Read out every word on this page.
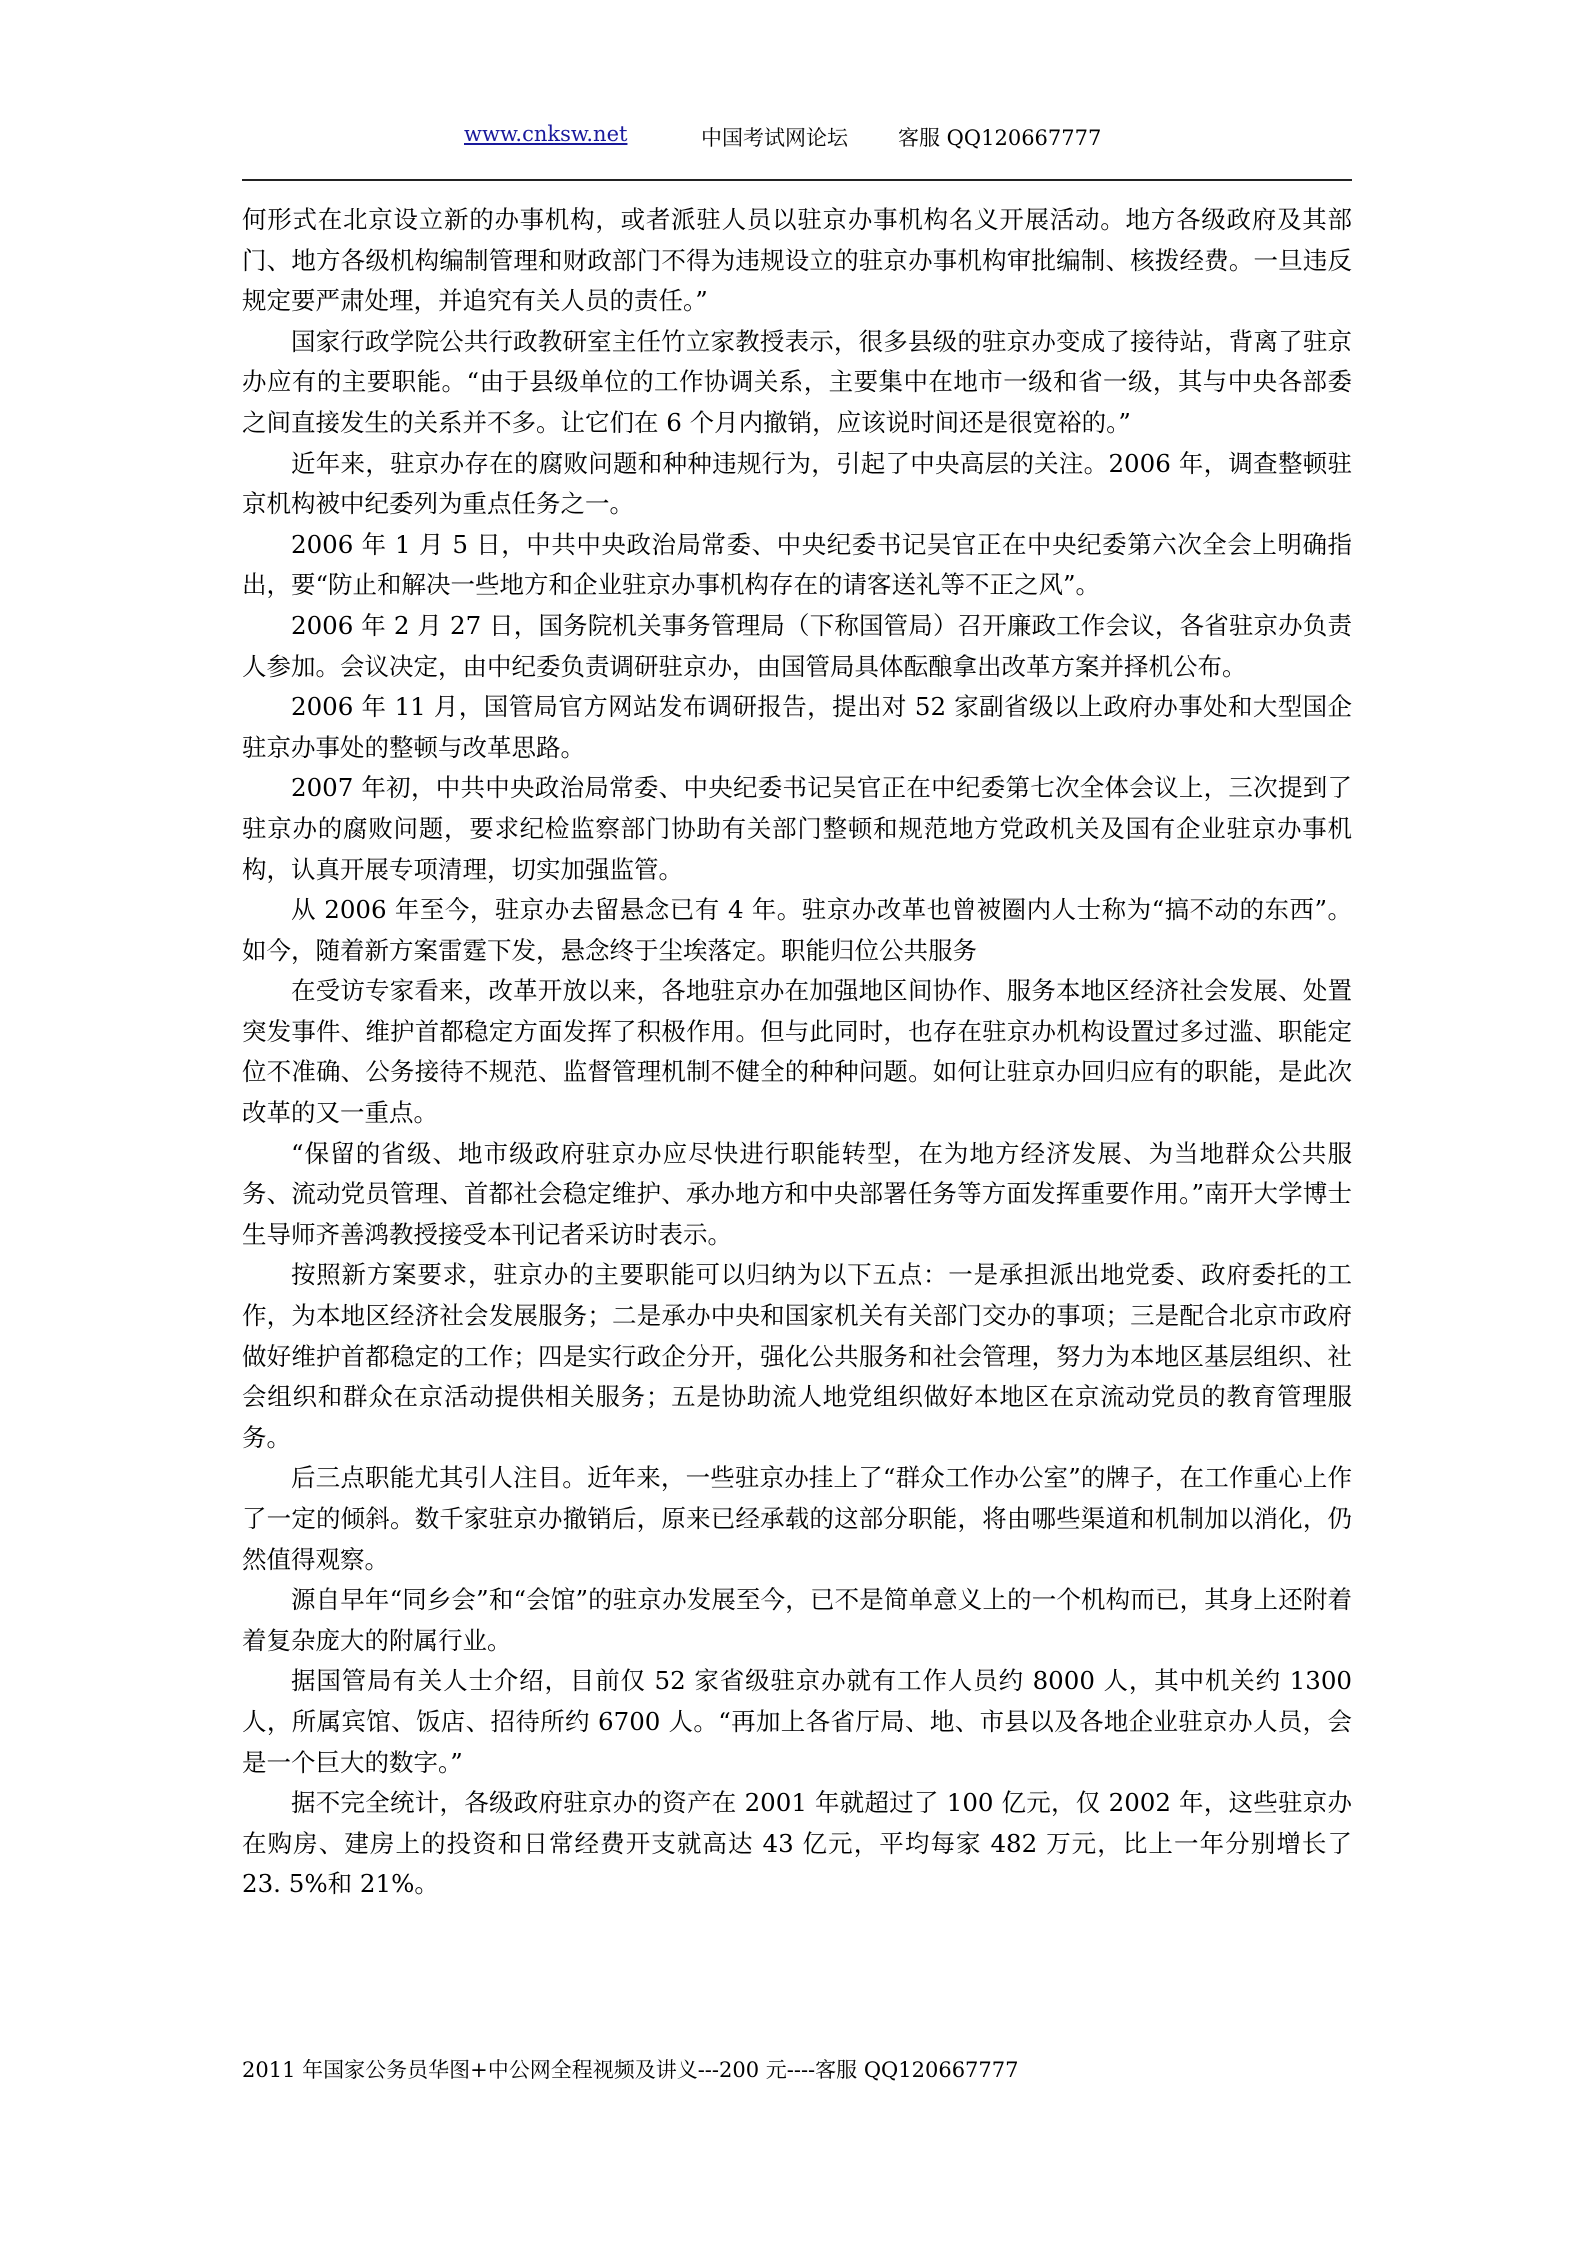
www.cnksw.net	中国考试网论坛 客服 QQ120667777

何形式在北京设立新的办事机构，或者派驻人员以驻京办事机构名义开展活动。地方各级政府及其部门、地方各级机构编制管理和财政部门不得为违规设立的驻京办事机构审批编制、核拨经费。一旦违反规定要严肃处理，并追究有关人员的责任。”

国家行政学院公共行政教研室主任竹立家教授表示，很多县级的驻京办变成了接待站，背离了驻京办应有的主要职能。“由于县级单位的工作协调关系，主要集中在地市一级和省一级，其与中央各部委之间直接发生的关系并不多。让它们在 6 个月内撤销，应该说时间还是很宽裕的。”

近年来，驻京办存在的腐败问题和种种违规行为，引起了中央高层的关注。2006 年，调查整顿驻京机构被中纪委列为重点任务之一。

2006 年 1 月 5 日，中共中央政治局常委、中央纪委书记吴官正在中央纪委第六次全会上明确指出，要“防止和解决一些地方和企业驻京办事机构存在的请客送礼等不正之风”。

2006 年 2 月 27 日，国务院机关事务管理局（下称国管局）召开廉政工作会议，各省驻京办负责人参加。会议决定，由中纪委负责调研驻京办，由国管局具体酝酿拿出改革方案并择机公布。

2006 年 11 月，国管局官方网站发布调研报告，提出对 52 家副省级以上政府办事处和大型国企驻京办事处的整顿与改革思路。

2007 年初，中共中央政治局常委、中央纪委书记吴官正在中纪委第七次全体会议上，三次提到了驻京办的腐败问题，要求纪检监察部门协助有关部门整顿和规范地方党政机关及国有企业驻京办事机构，认真开展专项清理，切实加强监管。

从 2006 年至今，驻京办去留悬念已有 4 年。驻京办改革也曾被圈内人士称为“搞不动的东西”。如今，随着新方案雷霆下发，悬念终于尘埃落定。职能归位公共服务

在受访专家看来，改革开放以来，各地驻京办在加强地区间协作、服务本地区经济社会发展、处置突发事件、维护首都稳定方面发挥了积极作用。但与此同时，也存在驻京办机构设置过多过滥、职能定位不准确、公务接待不规范、监督管理机制不健全的种种问题。如何让驻京办回归应有的职能，是此次改革的又一重点。

“保留的省级、地市级政府驻京办应尽快进行职能转型，在为地方经济发展、为当地群众公共服务、流动党员管理、首都社会稳定维护、承办地方和中央部署任务等方面发挥重要作用。”南开大学博士生导师齐善鸿教授接受本刊记者采访时表示。

按照新方案要求，驻京办的主要职能可以归纳为以下五点：一是承担派出地党委、政府委托的工作，为本地区经济社会发展服务；二是承办中央和国家机关有关部门交办的事项；三是配合北京市政府做好维护首都稳定的工作；四是实行政企分开，强化公共服务和社会管理，努力为本地区基层组织、社会组织和群众在京活动提供相关服务；五是协助流人地党组织做好本地区在京流动党员的教育管理服务。

后三点职能尤其引人注目。近年来，一些驻京办挂上了“群众工作办公室”的牌子，在工作重心上作了一定的倾斜。数千家驻京办撤销后，原来已经承载的这部分职能，将由哪些渠道和机制加以消化，仍然值得观察。

源自早年“同乡会”和“会馆”的驻京办发展至今，已不是简单意义上的一个机构而已，其身上还附着着复杂庞大的附属行业。

据国管局有关人士介绍，目前仅 52 家省级驻京办就有工作人员约 8000 人，其中机关约 1300 人，所属宾馆、饭店、招待所约 6700 人。“再加上各省厅局、地、市县以及各地企业驻京办人员，会是一个巨大的数字。”

据不完全统计，各级政府驻京办的资产在 2001 年就超过了 100 亿元，仅 2002 年，这些驻京办在购房、建房上的投资和日常经费开支就高达 43 亿元，平均每家 482 万元，比上一年分别增长了 23. 5%和 21%。

2011 年国家公务员华图+中公网全程视频及讲义---200 元----客服 QQ120667777
